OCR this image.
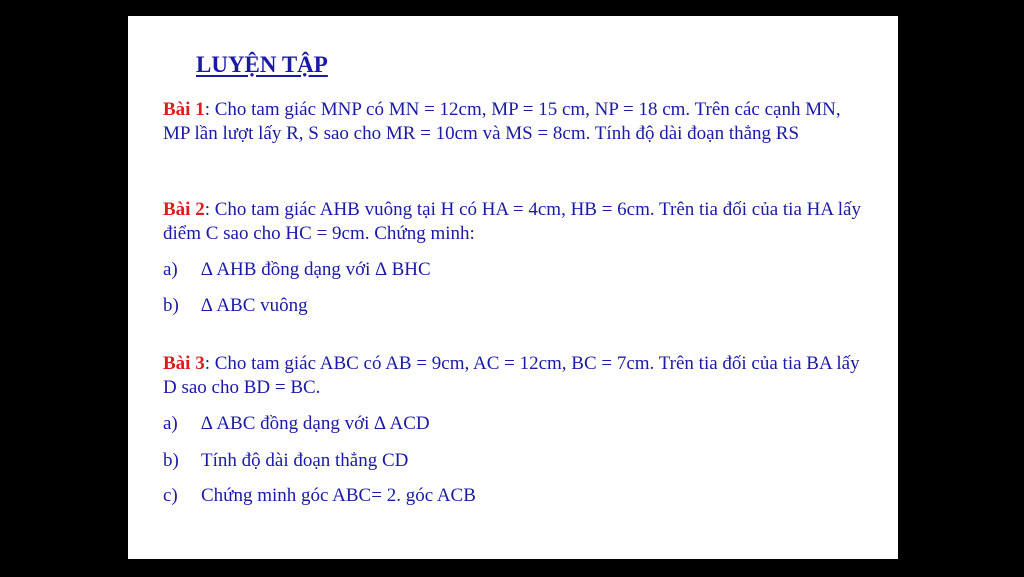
LUYỆN TẬP
Bài 1: Cho tam giác MNP có MN = 12cm, MP = 15 cm, NP = 18 cm. Trên các cạnh MN, MP lần lượt lấy R, S sao cho MR = 10cm và MS = 8cm. Tính độ dài đoạn thẳng RS
Bài 2: Cho tam giác AHB vuông tại H có HA = 4cm, HB = 6cm. Trên tia đối của tia HA lấy điểm C sao cho HC = 9cm. Chứng minh:
a) ∆ AHB đồng dạng với ∆ BHC
b) ∆ ABC vuông
Bài 3: Cho tam giác ABC có AB = 9cm, AC = 12cm, BC = 7cm. Trên tia đối của tia BA lấy D sao cho BD = BC.
a) ∆ ABC đồng dạng với ∆ ACD
b) Tính độ dài đoạn thẳng CD
c) Chứng minh góc ABC= 2. góc ACB
